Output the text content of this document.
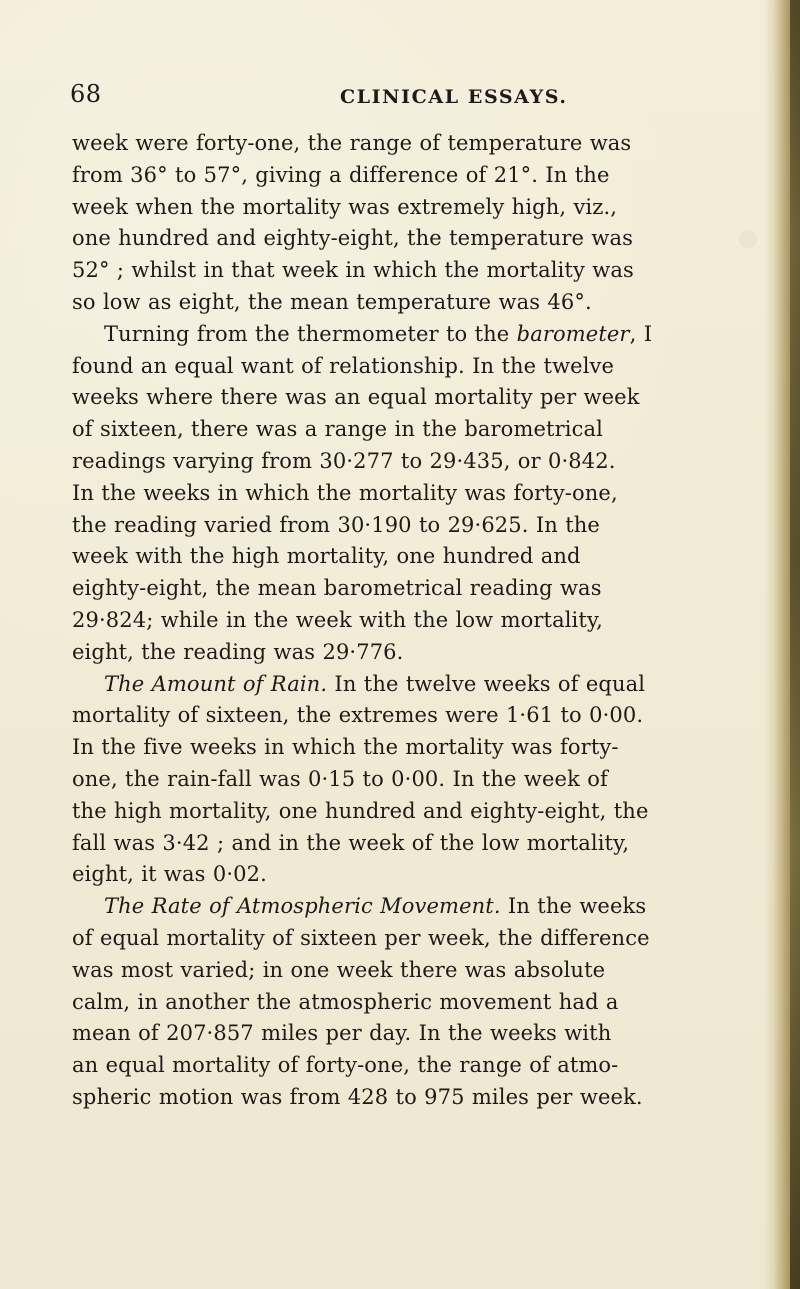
68	CLINICAL ESSAYS.
week were forty-one, the range of temperature was
from 36° to 57°, giving a difference of 21°. In the
week when the mortality was extremely high, viz.,
one hundred and eighty-eight, the temperature was
52° ; whilst in that week in which the mortality was
so low as eight, the mean temperature was 46°.
Turning from the thermometer to the barometer, I
found an equal want of relationship. In the twelve
weeks where there was an equal mortality per week
of sixteen, there was a range in the barometrical
readings varying from 30·277 to 29·435, or 0·842.
In the weeks in which the mortality was forty-one,
the reading varied from 30·190 to 29·625. In the
week with the high mortality, one hundred and
eighty-eight, the mean barometrical reading was
29·824; while in the week with the low mortality,
eight, the reading was 29·776.
The Amount of Rain. In the twelve weeks of equal
mortality of sixteen, the extremes were 1·61 to 0·00.
In the five weeks in which the mortality was forty-
one, the rain-fall was 0·15 to 0·00. In the week of
the high mortality, one hundred and eighty-eight, the
fall was 3·42 ; and in the week of the low mortality,
eight, it was 0·02.
The Rate of Atmospheric Movement. In the weeks
of equal mortality of sixteen per week, the difference
was most varied; in one week there was absolute
calm, in another the atmospheric movement had a
mean of 207·857 miles per day. In the weeks with
an equal mortality of forty-one, the range of atmo-
spheric motion was from 428 to 975 miles per week.
